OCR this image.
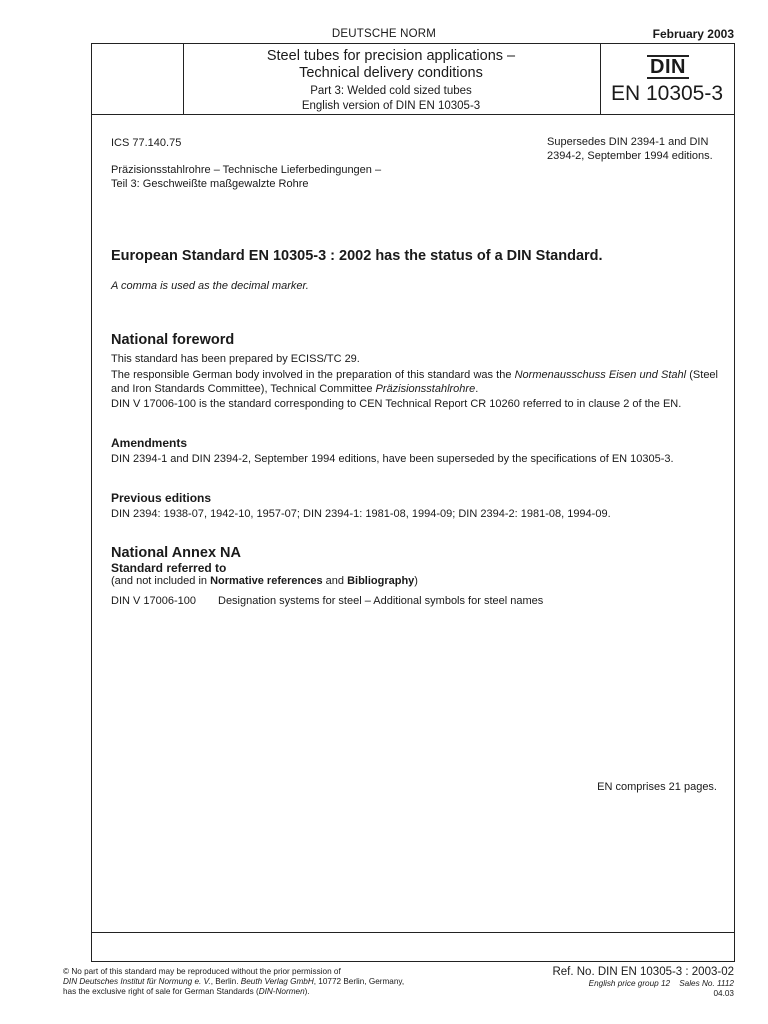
DEUTSCHE NORM	February 2003
Steel tubes for precision applications –
Technical delivery conditions
Part 3: Welded cold sized tubes
English version of DIN EN 10305-3
DIN
EN 10305-3
ICS 77.140.75	Supersedes DIN 2394-1 and DIN 2394-2, September 1994 editions.
Präzisionsstahlrohre – Technische Lieferbedingungen –
Teil 3: Geschweißte maßgewalzte Rohre
European Standard EN 10305-3 : 2002 has the status of a DIN Standard.
A comma is used as the decimal marker.
National foreword
This standard has been prepared by ECISS/TC 29.
The responsible German body involved in the preparation of this standard was the Normenausschuss Eisen und Stahl (Steel and Iron Standards Committee), Technical Committee Präzisionsstahlrohre.
DIN V 17006-100 is the standard corresponding to CEN Technical Report CR 10260 referred to in clause 2 of the EN.
Amendments
DIN 2394-1 and DIN 2394-2, September 1994 editions, have been superseded by the specifications of EN 10305-3.
Previous editions
DIN 2394: 1938-07, 1942-10, 1957-07; DIN 2394-1: 1981-08, 1994-09; DIN 2394-2: 1981-08, 1994-09.
National Annex NA
Standard referred to
(and not included in Normative references and Bibliography)
DIN V 17006-100 Designation systems for steel – Additional symbols for steel names
EN comprises 21 pages.
© No part of this standard may be reproduced without the prior permission of
DIN Deutsches Institut für Normung e. V., Berlin. Beuth Verlag GmbH, 10772 Berlin, Germany,
has the exclusive right of sale for German Standards (DIN-Normen).
Ref. No. DIN EN 10305-3 : 2003-02
English price group 12 Sales No. 1112
04.03
